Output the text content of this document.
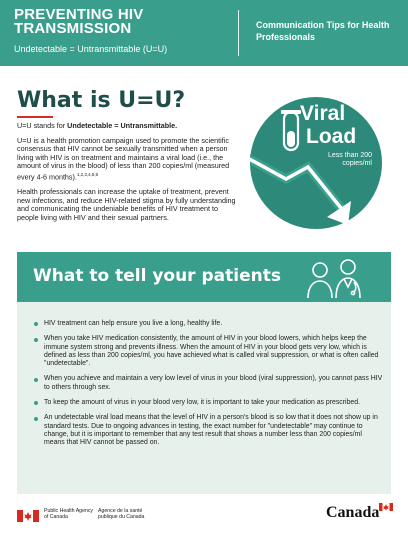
PREVENTING HIV TRANSMISSION
Undetectable = Untransmittable (U=U)
Communication Tips for Health Professionals
What is U=U?

U=U stands for Undetectable = Untransmittable.

U=U is a health promotion campaign used to promote the scientific consensus that HIV cannot be sexually transmitted when a person living with HIV is on treatment and maintains a viral load (i.e., the amount of virus in the blood) of less than 200 copies/ml (measured every 4-6 months).$^{1,2,3,4,5,6}$

Health professionals can increase the uptake of treatment, prevent new infections, and reduce HIV-related stigma by fully understanding and communicating the undeniable benefits of HIV treatment to people living with HIV and their sexual partners.

Viral
Load
Less than 200 copies/ml
What to tell your patients
HIV treatment can help ensure you live a long, healthy life.
When you take HIV medication consistently, the amount of HIV in your blood lowers, which helps keep the immune system strong and prevents illness. When the amount of HIV in your blood gets very low, which is defined as less than 200 copies/ml, you have achieved what is called viral suppression, or what is often called "undetectable".
When you achieve and maintain a very low level of virus in your blood (viral suppression), you cannot pass HIV to others through sex.
To keep the amount of virus in your blood very low, it is important to take your medication as prescribed.
An undetectable viral load means that the level of HIV in a person's blood is so low that it does not show up in standard tests. Due to ongoing advances in testing, the exact number for "undetectable" may continue to change, but it is important to remember that any test result that shows a number less than 200 copies/ml means that HIV cannot be passed on.
Public Health Agency of Canada
Agence de la santé publique du Canada	Canada
